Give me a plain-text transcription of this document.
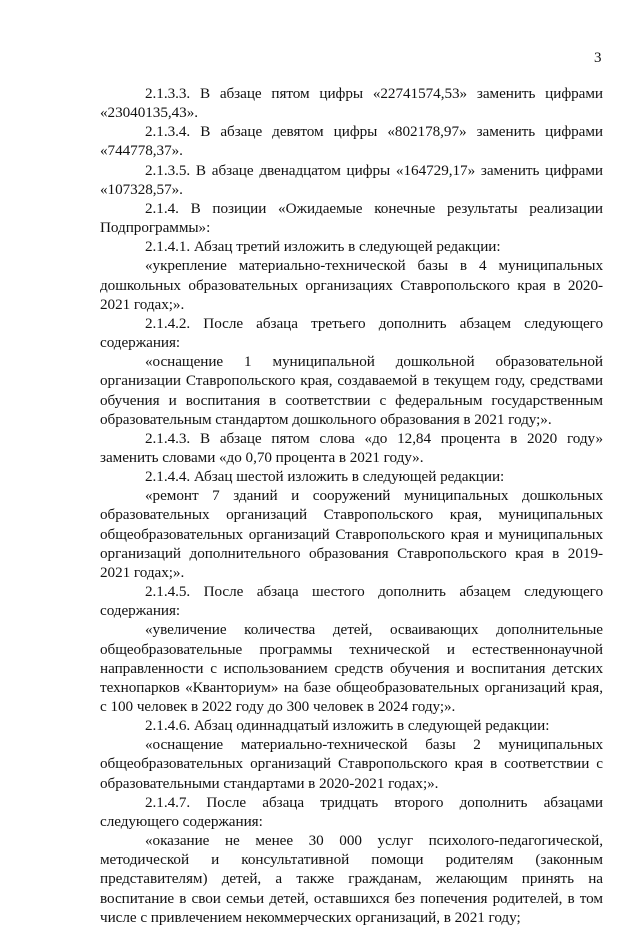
3

2.1.3.3. В абзаце пятом цифры «22741574,53» заменить цифрами «23040135,43».

2.1.3.4. В абзаце девятом цифры «802178,97» заменить цифрами «744778,37».

2.1.3.5. В абзаце двенадцатом цифры «164729,17» заменить цифрами «107328,57».

2.1.4. В позиции «Ожидаемые конечные результаты реализации Подпрограммы»:

2.1.4.1. Абзац третий изложить в следующей редакции:

«укрепление материально-технической базы в 4 муниципальных дошкольных образовательных организациях Ставропольского края в 2020-2021 годах;».

2.1.4.2. После абзаца третьего дополнить абзацем следующего содержания:

«оснащение 1 муниципальной дошкольной образовательной организации Ставропольского края, создаваемой в текущем году, средствами обучения и воспитания в соответствии с федеральным государственным образовательным стандартом дошкольного образования в 2021 году;».

2.1.4.3. В абзаце пятом слова «до 12,84 процента в 2020 году» заменить словами «до 0,70 процента в 2021 году».

2.1.4.4. Абзац шестой изложить в следующей редакции:

«ремонт 7 зданий и сооружений муниципальных дошкольных образовательных организаций Ставропольского края, муниципальных общеобразовательных организаций Ставропольского края и муниципальных организаций дополнительного образования Ставропольского края в 2019-2021 годах;».

2.1.4.5. После абзаца шестого дополнить абзацем следующего содержания:

«увеличение количества детей, осваивающих дополнительные общеобразовательные программы технической и естественнонаучной направленности с использованием средств обучения и воспитания детских технопарков «Кванториум» на базе общеобразовательных организаций края, с 100 человек в 2022 году до 300 человек в 2024 году;».

2.1.4.6. Абзац одиннадцатый изложить в следующей редакции:

«оснащение материально-технической базы 2 муниципальных общеобразовательных организаций Ставропольского края в соответствии с образовательными стандартами в 2020-2021 годах;».

2.1.4.7. После абзаца тридцать второго дополнить абзацами следующего содержания:

«оказание не менее 30 000 услуг психолого-педагогической, методической и консультативной помощи родителям (законным представителям) детей, а также гражданам, желающим принять на воспитание в свои семьи детей, оставшихся без попечения родителей, в том числе с привлечением некоммерческих организаций, в 2021 году;
